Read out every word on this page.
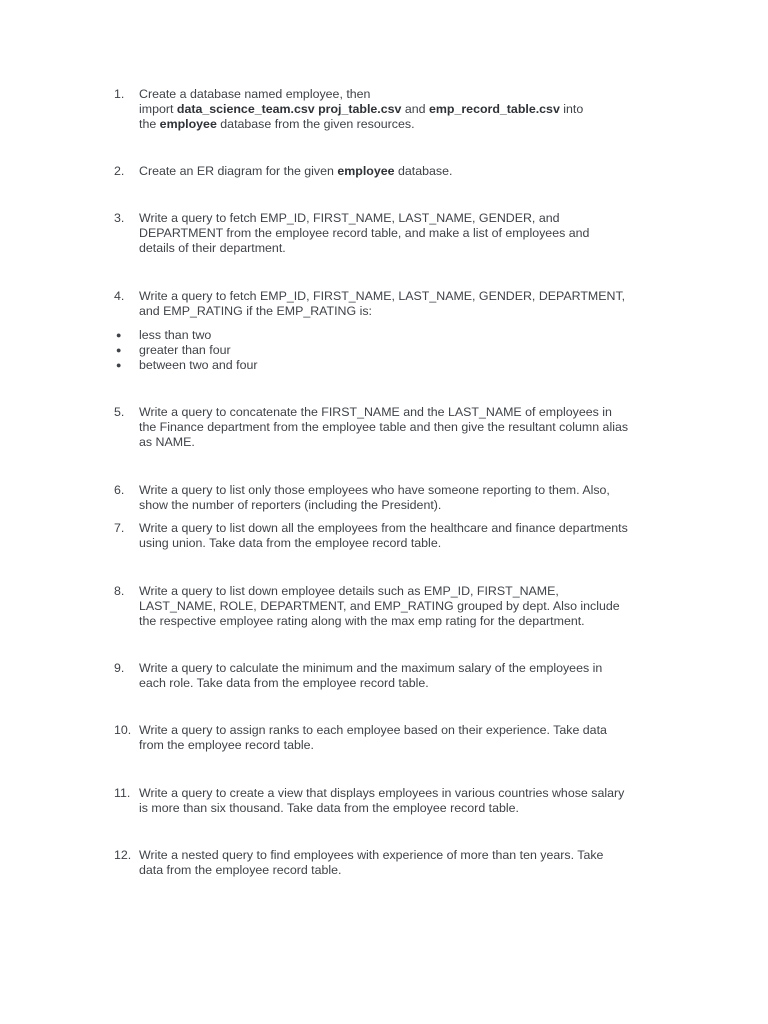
1. Create a database named employee, then
import data_science_team.csv proj_table.csv and emp_record_table.csv into
the employee database from the given resources.
2. Create an ER diagram for the given employee database.
3. Write a query to fetch EMP_ID, FIRST_NAME, LAST_NAME, GENDER, and
DEPARTMENT from the employee record table, and make a list of employees and
details of their department.
4. Write a query to fetch EMP_ID, FIRST_NAME, LAST_NAME, GENDER, DEPARTMENT,
and EMP_RATING if the EMP_RATING is:
5. Write a query to concatenate the FIRST_NAME and the LAST_NAME of employees in
the Finance department from the employee table and then give the resultant column alias
as NAME.
6. Write a query to list only those employees who have someone reporting to them. Also,
show the number of reporters (including the President).
7. Write a query to list down all the employees from the healthcare and finance departments
using union. Take data from the employee record table.
8. Write a query to list down employee details such as EMP_ID, FIRST_NAME,
LAST_NAME, ROLE, DEPARTMENT, and EMP_RATING grouped by dept. Also include
the respective employee rating along with the max emp rating for the department.
9. Write a query to calculate the minimum and the maximum salary of the employees in
each role. Take data from the employee record table.
10. Write a query to assign ranks to each employee based on their experience. Take data
from the employee record table.
11. Write a query to create a view that displays employees in various countries whose salary
is more than six thousand. Take data from the employee record table.
12. Write a nested query to find employees with experience of more than ten years. Take
data from the employee record table.
● less than two
● greater than four
● between two and four
